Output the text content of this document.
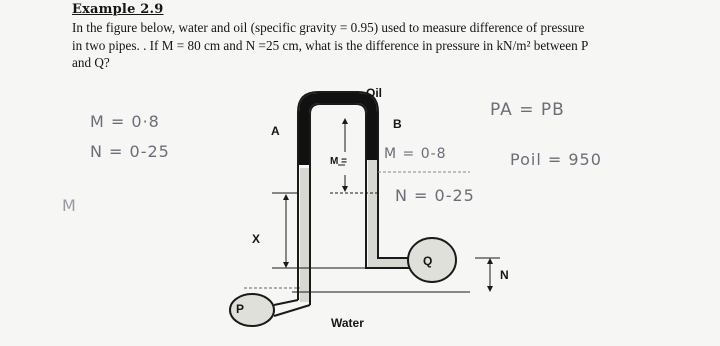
Example 2.9
In the figure below, water and oil (specific gravity = 0.95) used to measure difference of pressure
in two pipes. . If M = 80 cm and N =25 cm, what is the difference in pressure in kN/m² between P
and Q?
M = 0·8
N = 0-25
M
PA = PB
Poil = 950
M = 0-8
N = 0-25
Oil
A	B
M =
X
N
P
Q
Water
